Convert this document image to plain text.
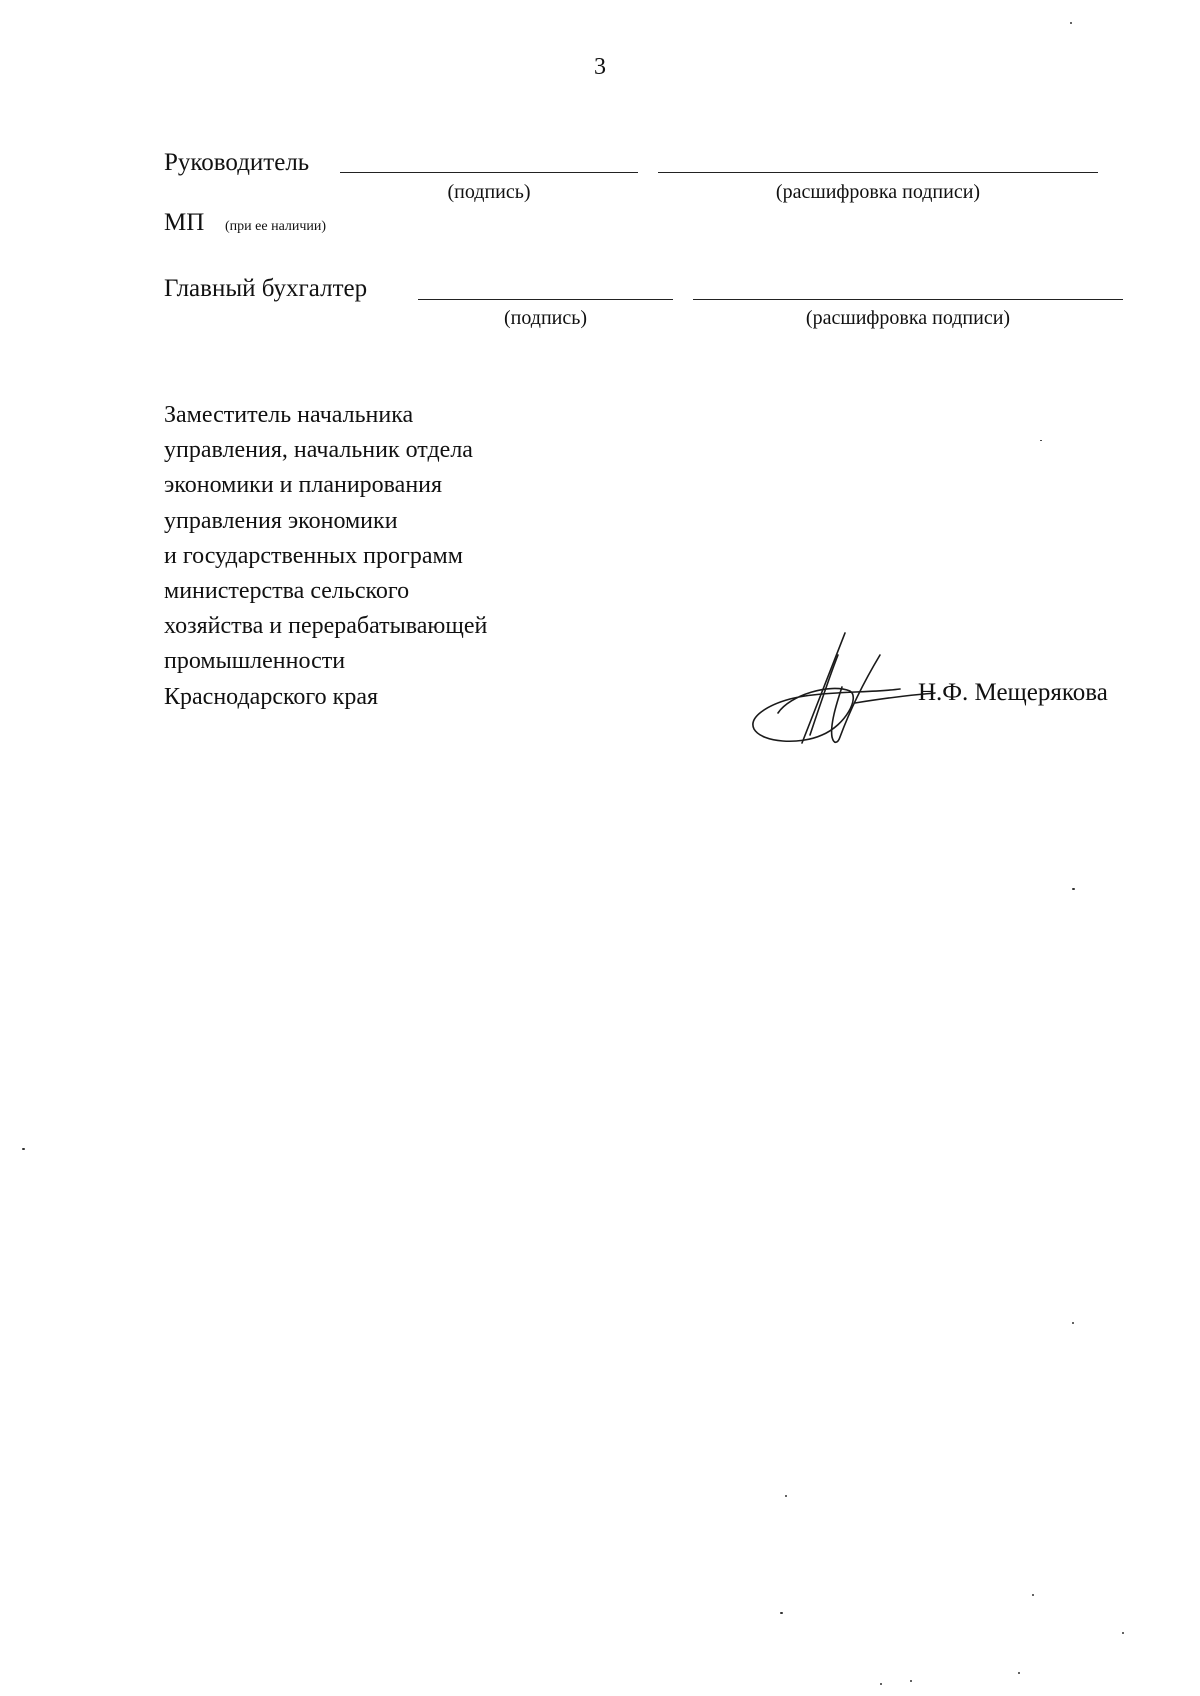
3
Руководитель
(подпись)	(расшифровка подписи)
МП (при ее наличии)
Главный бухгалтер
(подпись)	(расшифровка подписи)
Заместитель начальника
управления, начальник отдела
экономики и планирования
управления экономики
и государственных программ
министерства сельского
хозяйства и перерабатывающей
промышленности
Краснодарского края	Н.Ф. Мещерякова
